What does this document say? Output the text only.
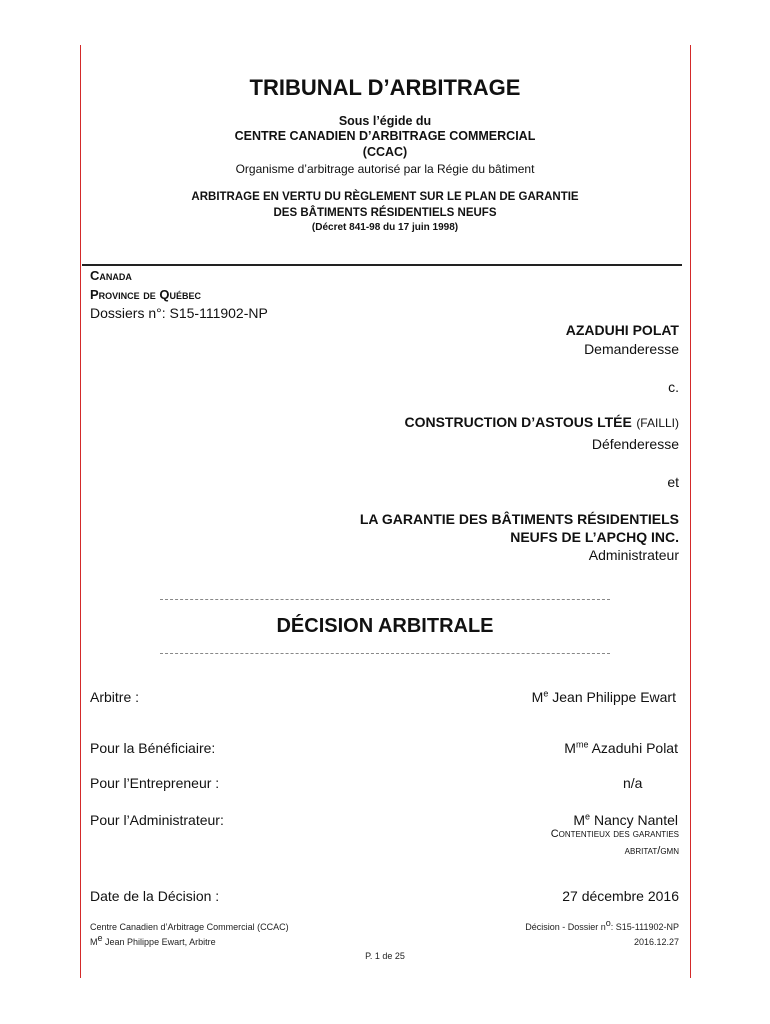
TRIBUNAL D’ARBITRAGE
Sous l’égide du
CENTRE CANADIEN D’ARBITRAGE COMMERCIAL
(CCAC)
Organisme d’arbitrage autorisé par la Régie du bâtiment
ARBITRAGE EN VERTU DU RÈGLEMENT SUR LE PLAN DE GARANTIE
DES BÂTIMENTS RÉSIDENTIELS NEUFS
(Décret 841-98 du 17 juin 1998)
Canada
Province de Québec
Dossiers n°: S15-111902-NP
AZADUHI POLAT
Demanderesse
c.
CONSTRUCTION D’ASTOUS LTÉE (FAILLI)
Défenderesse
et
LA GARANTIE DES BÂTIMENTS RÉSIDENTIELS
NEUFS DE L’APCHQ INC.
Administrateur
DÉCISION ARBITRALE
Arbitre :	Me Jean Philippe Ewart
Pour la Bénéficiaire:	$M^{me}$ Azaduhi Polat
Pour l’Entrepreneur :	n/a
Pour l’Administrateur:	Me Nancy Nantel
Contentieux des garanties
abritat/gmn
Date de la Décision :	27 décembre 2016
Centre Canadien d’Arbitrage Commercial (CCAC)
Me Jean Philippe Ewart, Arbitre
Décision - Dossier $n^o$: S15-111902-NP
2016.12.27
P. 1 de 25
